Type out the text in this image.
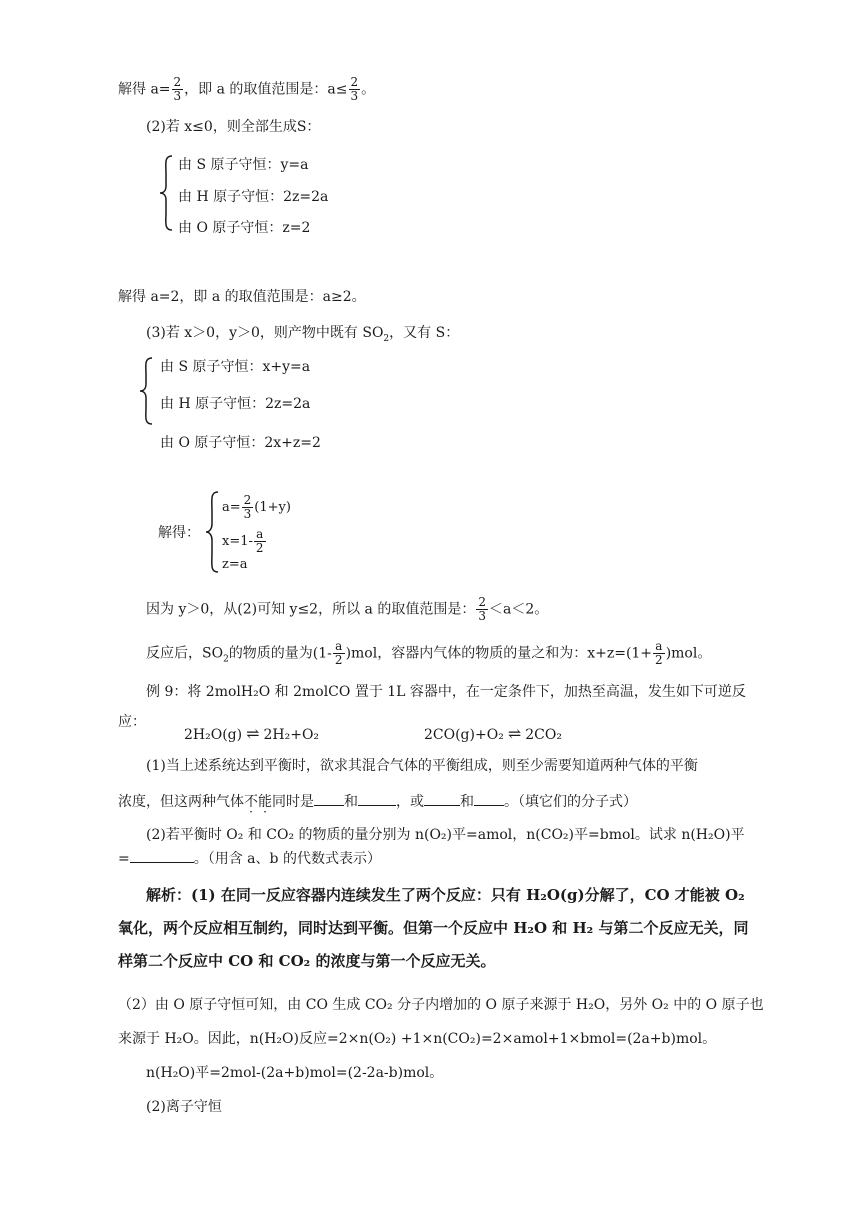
解得 $a= \frac{2}{3}$ ，即 a 的取值范围是：$a\le \frac{2}{3}$ 。
(2)若 x≤0，则全部生成S：
由 S 原子守恒：y=a
由 H 原子守恒：2z=2a
由 O 原子守恒：z=2
解得 a=2，即 a 的取值范围是：a≥2。
(3)若 x＞0，y＞0，则产物中既有 $SO_2$，又有 S：
由 S 原子守恒：x+y=a
由 H 原子守恒：2z=2a
由 O 原子守恒：2x+z=2
解得：
$a= \frac{2}{3} (1+y)$
$x=1- \frac{a}{2}$
z=a
因为 y＞0，从(2)可知 y≤2，所以 a 的取值范围是： $\frac{2}{3} <a<2$。
反应后，$SO_2$的物质的量为$(1- \frac{a}{2} )mol$，容器内气体的物质的量之和为：$x+z=(1+ \frac{a}{2} )mol$。
例 9：将 2molH₂O 和 2molCO 置于 1L 容器中，在一定条件下，加热至高温，发生如下可逆反
应：
2H₂O(g) ⇌ 2H₂+O₂	2CO(g)+O₂ ⇌ 2CO₂
(1)当上述系统达到平衡时，欲求其混合气体的平衡组成，则至少需要知道两种气体的平衡
浓度，但这两种气体不能同时是 和	，或	和 。（填它们的分子式）
(2)若平衡时 O₂ 和 CO₂ 的物质的量分别为 n(O₂)平=amol，n(CO₂)平=bmol。试求 n(H₂O)平
=	。（用含 a、b 的代数式表示）
解析：(1) 在同一反应容器内连续发生了两个反应：只有 H₂O(g)分解了，CO 才能被 O₂
氧化，两个反应相互制约，同时达到平衡。但第一个反应中 H₂O 和 H₂ 与第二个反应无关，同
样第二个反应中 CO 和 CO₂ 的浓度与第一个反应无关。
（2）由 O 原子守恒可知，由 CO 生成 CO₂ 分子内增加的 O 原子来源于 H₂O，另外 O₂ 中的 O 原子也
来源于 H₂O。因此，n(H₂O)反应=2×n(O₂) +1×n(CO₂)=2×amol+1×bmol=(2a+b)mol。
n(H₂O)平=2mol-(2a+b)mol=(2-2a-b)mol。
(2)离子守恒
